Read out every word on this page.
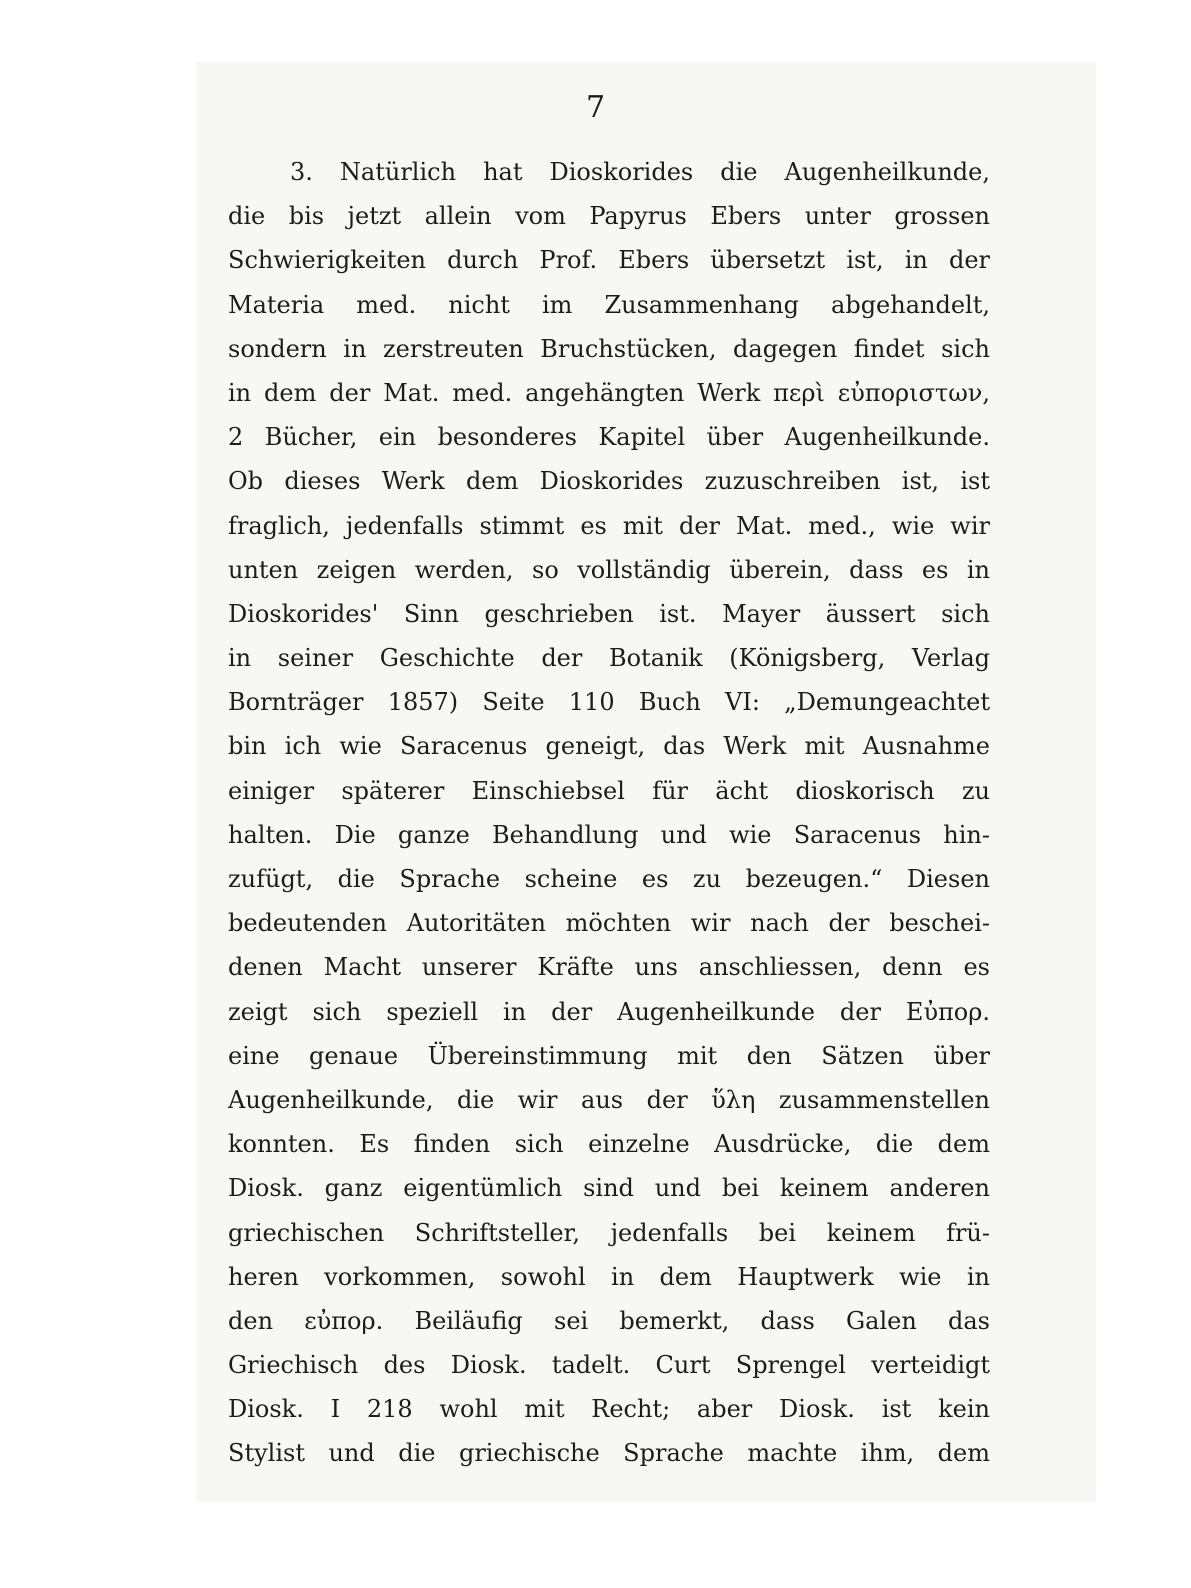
7
3. Natürlich hat Dioskorides die Augenheilkunde,
die bis jetzt allein vom Papyrus Ebers unter grossen
Schwierigkeiten durch Prof. Ebers übersetzt ist, in der
Materia med. nicht im Zusammenhang abgehandelt,
sondern in zerstreuten Bruchstücken, dagegen findet sich
in dem der Mat. med. angehängten Werk περὶ εὐποριστων,
2 Bücher, ein besonderes Kapitel über Augenheilkunde.
Ob dieses Werk dem Dioskorides zuzuschreiben ist, ist
fraglich, jedenfalls stimmt es mit der Mat. med., wie wir
unten zeigen werden, so vollständig überein, dass es in
Dioskorides' Sinn geschrieben ist. Mayer äussert sich
in seiner Geschichte der Botanik (Königsberg, Verlag
Bornträger 1857) Seite 110 Buch VI: „Demungeachtet
bin ich wie Saracenus geneigt, das Werk mit Ausnahme
einiger späterer Einschiebsel für ächt dioskorisch zu
halten. Die ganze Behandlung und wie Saracenus hin-
zufügt, die Sprache scheine es zu bezeugen.“ Diesen
bedeutenden Autoritäten möchten wir nach der beschei-
denen Macht unserer Kräfte uns anschliessen, denn es
zeigt sich speziell in der Augenheilkunde der Εὐπορ.
eine genaue Übereinstimmung mit den Sätzen über
Augenheilkunde, die wir aus der ὕλη zusammenstellen
konnten. Es finden sich einzelne Ausdrücke, die dem
Diosk. ganz eigentümlich sind und bei keinem anderen
griechischen Schriftsteller, jedenfalls bei keinem frü-
heren vorkommen, sowohl in dem Hauptwerk wie in
den εὐπορ. Beiläufig sei bemerkt, dass Galen das
Griechisch des Diosk. tadelt. Curt Sprengel verteidigt
Diosk. I 218 wohl mit Recht; aber Diosk. ist kein
Stylist und die griechische Sprache machte ihm, dem
